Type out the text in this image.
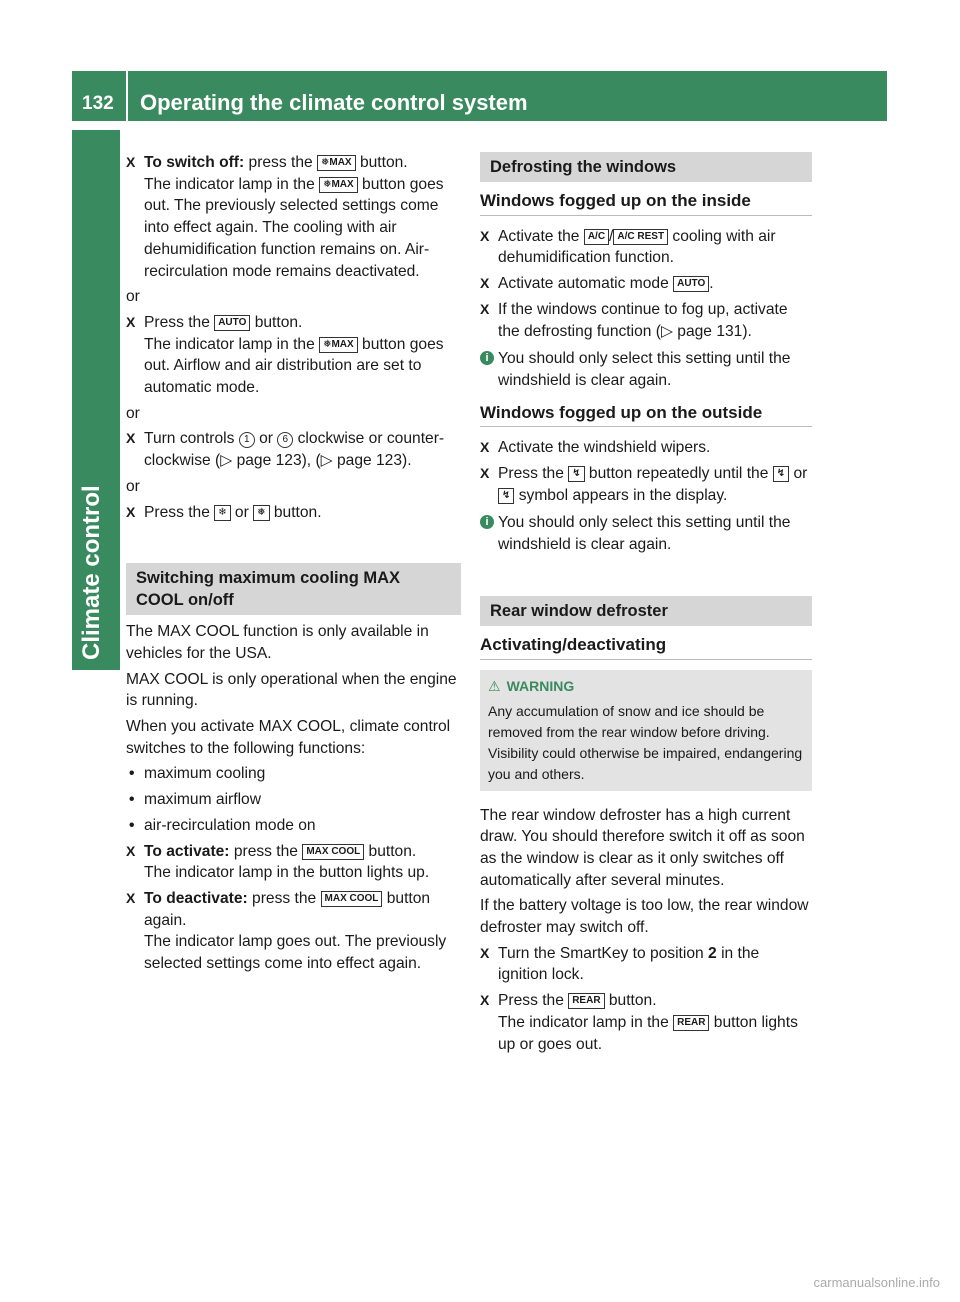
132 Operating the climate control system
Climate control
X To switch off: press the ❅MAX button.
The indicator lamp in the ❅MAX button goes out. The previously selected settings come into effect again. The cooling with air dehumidification function remains on. Air-recirculation mode remains deactivated.
or
X Press the AUTO button.
The indicator lamp in the ❅MAX button goes out. Airflow and air distribution are set to automatic mode.
or
X Turn controls 1 or 6 clockwise or counter-clockwise (▷ page 123), (▷ page 123).
or
X Press the ❄ or ❅ button.
Switching maximum cooling MAX COOL on/off
The MAX COOL function is only available in vehicles for the USA.
MAX COOL is only operational when the engine is running.
When you activate MAX COOL, climate control switches to the following functions:
• maximum cooling
• maximum airflow
• air-recirculation mode on
X To activate: press the MAX COOL button.
The indicator lamp in the button lights up.
X To deactivate: press the MAX COOL button again.
The indicator lamp goes out. The previously selected settings come into effect again.
Defrosting the windows
Windows fogged up on the inside
X Activate the A/C / A/C REST cooling with air dehumidification function.
X Activate automatic mode AUTO .
X If the windows continue to fog up, activate the defrosting function (▷ page 131).
i You should only select this setting until the windshield is clear again.
Windows fogged up on the outside
X Activate the windshield wipers.
X Press the ↯ button repeatedly until the ↯ or ↯ symbol appears in the display.
i You should only select this setting until the windshield is clear again.
Rear window defroster
Activating/deactivating
⚠ WARNING
Any accumulation of snow and ice should be removed from the rear window before driving. Visibility could otherwise be impaired, endangering you and others.
The rear window defroster has a high current draw. You should therefore switch it off as soon as the window is clear as it only switches off automatically after several minutes.
If the battery voltage is too low, the rear window defroster may switch off.
X Turn the SmartKey to position 2 in the ignition lock.
X Press the REAR button.
The indicator lamp in the REAR button lights up or goes out.
carmanualsonline.info
